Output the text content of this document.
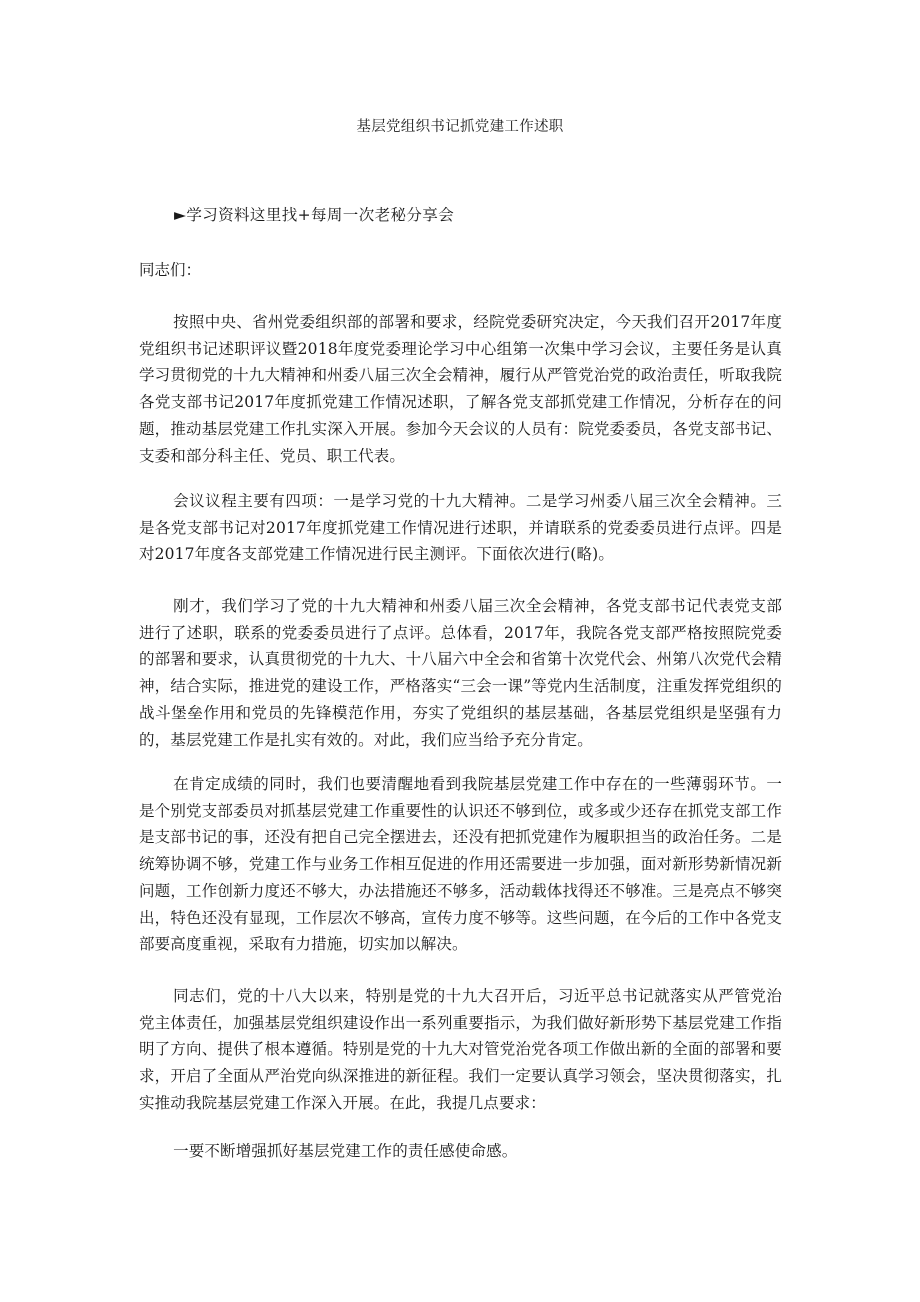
基层党组织书记抓党建工作述职
►学习资料这里找+每周一次老秘分享会
同志们：

按照中央、省州党委组织部的部署和要求，经院党委研究决定，今天我们召开2017年度党组织书记述职评议暨2018年度党委理论学习中心组第一次集中学习会议，主要任务是认真学习贯彻党的十九大精神和州委八届三次全会精神，履行从严管党治党的政治责任，听取我院各党支部书记2017年度抓党建工作情况述职，了解各党支部抓党建工作情况，分析存在的问题，推动基层党建工作扎实深入开展。参加今天会议的人员有：院党委委员，各党支部书记、支委和部分科主任、党员、职工代表。

会议议程主要有四项：一是学习党的十九大精神。二是学习州委八届三次全会精神。三是各党支部书记对2017年度抓党建工作情况进行述职，并请联系的党委委员进行点评。四是对2017年度各支部党建工作情况进行民主测评。下面依次进行(略)。

刚才，我们学习了党的十九大精神和州委八届三次全会精神，各党支部书记代表党支部进行了述职，联系的党委委员进行了点评。总体看，2017年，我院各党支部严格按照院党委的部署和要求，认真贯彻党的十九大、十八届六中全会和省第十次党代会、州第八次党代会精神，结合实际，推进党的建设工作，严格落实“三会一课”等党内生活制度，注重发挥党组织的战斗堡垒作用和党员的先锋模范作用，夯实了党组织的基层基础，各基层党组织是坚强有力的，基层党建工作是扎实有效的。对此，我们应当给予充分肯定。

在肯定成绩的同时，我们也要清醒地看到我院基层党建工作中存在的一些薄弱环节。一是个别党支部委员对抓基层党建工作重要性的认识还不够到位，或多或少还存在抓党支部工作是支部书记的事，还没有把自己完全摆进去，还没有把抓党建作为履职担当的政治任务。二是统筹协调不够，党建工作与业务工作相互促进的作用还需要进一步加强，面对新形势新情况新问题，工作创新力度还不够大，办法措施还不够多，活动载体找得还不够准。三是亮点不够突出，特色还没有显现，工作层次不够高，宣传力度不够等。这些问题，在今后的工作中各党支部要高度重视，采取有力措施，切实加以解决。

同志们，党的十八大以来，特别是党的十九大召开后，习近平总书记就落实从严管党治党主体责任，加强基层党组织建设作出一系列重要指示，为我们做好新形势下基层党建工作指明了方向、提供了根本遵循。特别是党的十九大对管党治党各项工作做出新的全面的部署和要求，开启了全面从严治党向纵深推进的新征程。我们一定要认真学习领会，坚决贯彻落实，扎实推动我院基层党建工作深入开展。在此，我提几点要求：

一要不断增强抓好基层党建工作的责任感使命感。
